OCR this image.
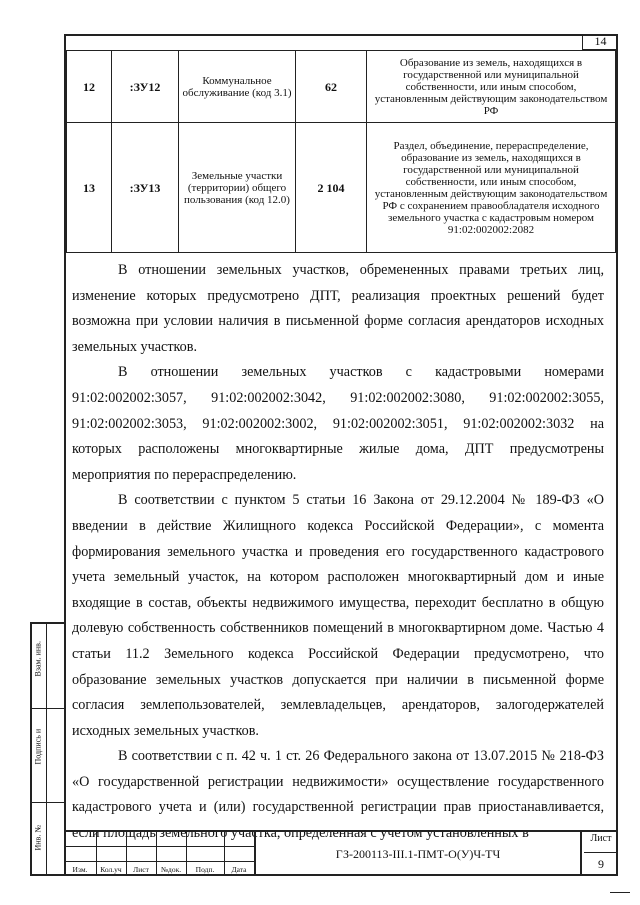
14
12	:ЗУ12	Коммунальное обслуживание (код 3.1)	62	Образование из земель, находящихся в государственной или муниципальной собственности, или иным способом, установленным действующим законодательством РФ
13	:ЗУ13	Земельные участки (территории) общего пользования (код 12.0)	2 104	Раздел, объединение, перераспределение, образование из земель, находящихся в государственной или муниципальной собственности, или иным способом, установленным действующим законодательством РФ с сохранением правообладателя исходного земельного участка с кадастровым номером 91:02:002002:2082

В отношении земельных участков, обремененных правами третьих лиц, изменение которых предусмотрено ДПТ, реализация проектных решений будет возможна при условии наличия в письменной форме согласия арендаторов исходных земельных участков.

В отношении земельных участков с кадастровыми номерами 91:02:002002:3057, 91:02:002002:3042, 91:02:002002:3080, 91:02:002002:3055, 91:02:002002:3053, 91:02:002002:3002, 91:02:002002:3051, 91:02:002002:3032 на которых расположены многоквартирные жилые дома, ДПТ предусмотрены мероприятия по перераспределению.

В соответствии с пунктом 5 статьи 16 Закона от 29.12.2004 № 189-ФЗ «О введении в действие Жилищного кодекса Российской Федерации», с момента формирования земельного участка и проведения его государственного кадастрового учета земельный участок, на котором расположен многоквартирный дом и иные входящие в состав, объекты недвижимого имущества, переходит бесплатно в общую долевую собственность собственников помещений в многоквартирном доме. Частью 4 статьи 11.2 Земельного кодекса Российской Федерации предусмотрено, что образование земельных участков допускается при наличии в письменной форме согласия землепользователей, землевладельцев, арендаторов, залогодержателей исходных земельных участков.

В соответствии с п. 42 ч. 1 ст. 26 Федерального закона от 13.07.2015 № 218-ФЗ «О государственной регистрации недвижимости» осуществление государственного кадастрового учета и (или) государственной регистрации прав приостанавливается, если площадь земельного участка, определенная с учетом установленных в

Взам. инв.
Подпись и
Инв. №
Изм.	Кол.уч	Лист	№док.	Подп.	Дата
ГЗ-200113-III.1-ПМТ-О(У)Ч-ТЧ
Лист
9
